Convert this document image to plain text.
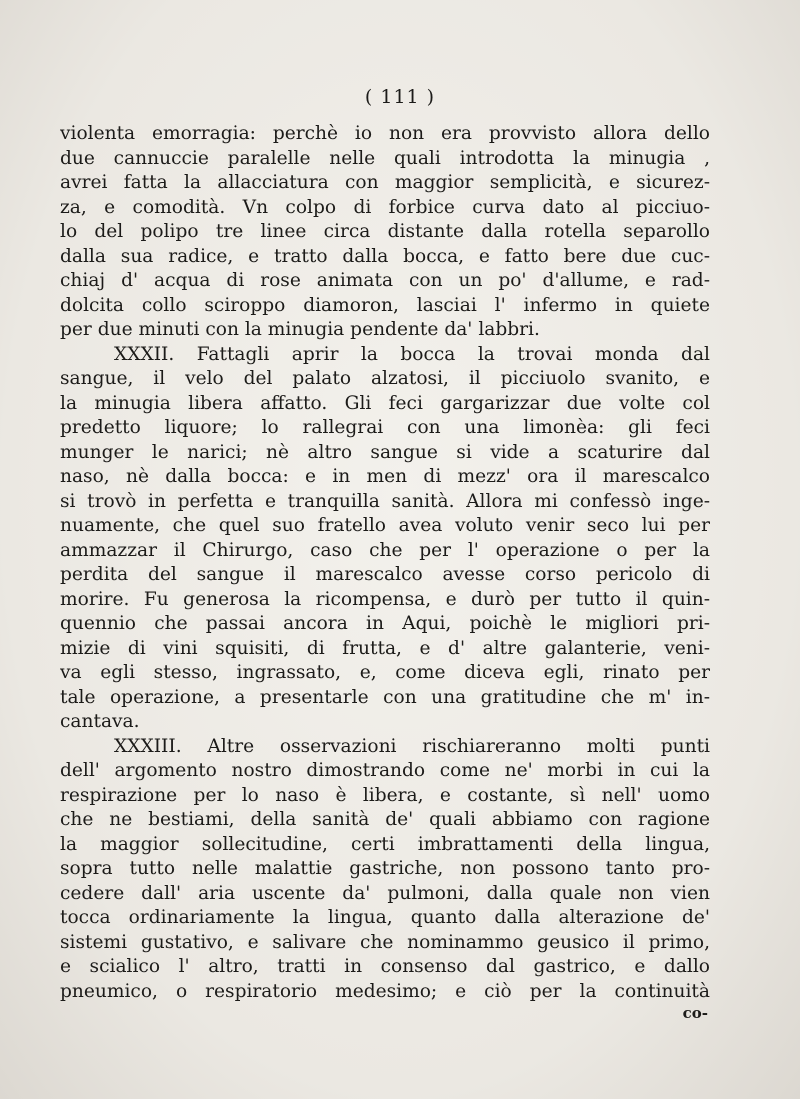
( 111 )
violenta emorragia: perchè io non era provvisto allora dello
due cannuccie paralelle nelle quali introdotta la minugia ,
avrei fatta la allacciatura con maggior semplicità, e sicurez-
za, e comodità. Vn colpo di forbice curva dato al picciuo-
lo del polipo tre linee circa distante dalla rotella separollo
dalla sua radice, e tratto dalla bocca, e fatto bere due cuc-
chiaj d' acqua di rose animata con un po' d'allume, e rad-
dolcita collo sciroppo diamoron, lasciai l' infermo in quiete
per due minuti con la minugia pendente da' labbri.
XXXII. Fattagli aprir la bocca la trovai monda dal
sangue, il velo del palato alzatosi, il picciuolo svanito, e
la minugia libera affatto. Gli feci gargarizzar due volte col
predetto liquore; lo rallegrai con una limonèa: gli feci
munger le narici; nè altro sangue si vide a scaturire dal
naso, nè dalla bocca: e in men di mezz' ora il marescalco
si trovò in perfetta e tranquilla sanità. Allora mi confessò inge-
nuamente, che quel suo fratello avea voluto venir seco lui per
ammazzar il Chirurgo, caso che per l' operazione o per la
perdita del sangue il marescalco avesse corso pericolo di
morire. Fu generosa la ricompensa, e durò per tutto il quin-
quennio che passai ancora in Aqui, poichè le migliori pri-
mizie di vini squisiti, di frutta, e d' altre galanterie, veni-
va egli stesso, ingrassato, e, come diceva egli, rinato per
tale operazione, a presentarle con una gratitudine che m' in-
cantava.
XXXIII. Altre osservazioni rischiareranno molti punti
dell' argomento nostro dimostrando come ne' morbi in cui la
respirazione per lo naso è libera, e costante, sì nell' uomo
che ne bestiami, della sanità de' quali abbiamo con ragione
la maggior sollecitudine, certi imbrattamenti della lingua,
sopra tutto nelle malattie gastriche, non possono tanto pro-
cedere dall' aria uscente da' pulmoni, dalla quale non vien
tocca ordinariamente la lingua, quanto dalla alterazione de'
sistemi gustativo, e salivare che nominammo geusico il primo,
e scialico l' altro, tratti in consenso dal gastrico, e dallo
pneumico, o respiratorio medesimo; e ciò per la continuità
co-
